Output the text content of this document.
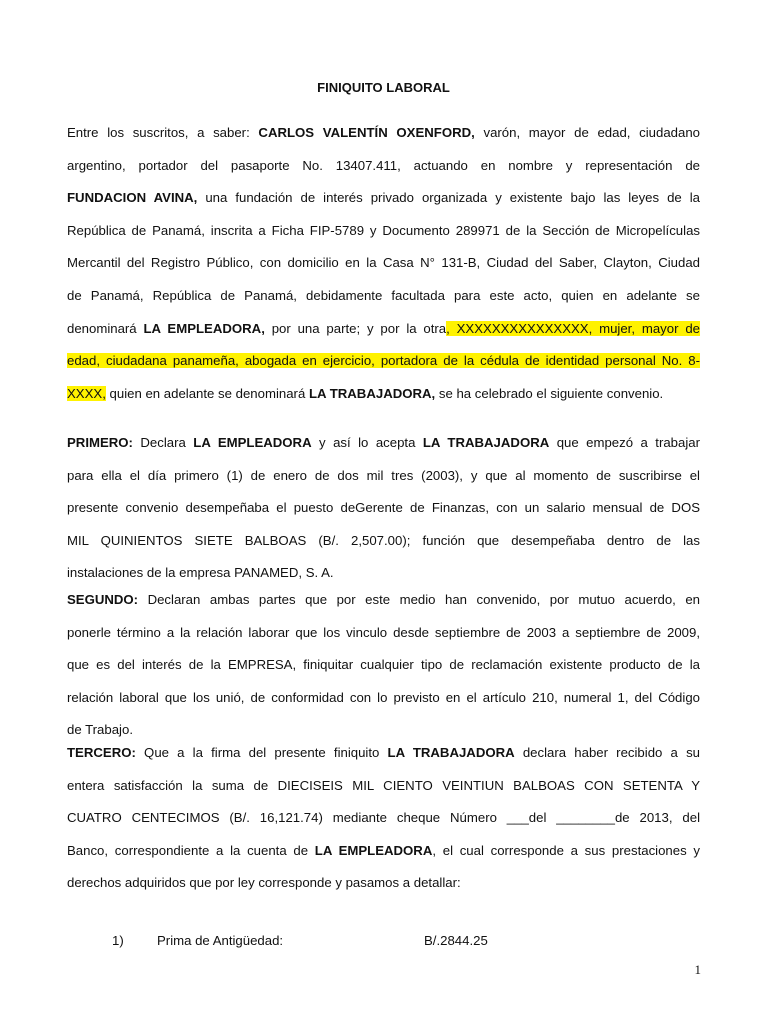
FINIQUITO LABORAL
Entre los suscritos, a saber: CARLOS VALENTÍN OXENFORD, varón, mayor de edad, ciudadano
argentino, portador del pasaporte No. 13407.411, actuando en nombre y representación de
FUNDACION AVINA, una fundación de interés privado organizada y existente bajo las leyes de la
República de Panamá, inscrita a Ficha FIP-5789 y Documento 289971 de la Sección de Micropelículas
Mercantil del Registro Público, con domicilio en la Casa N° 131-B, Ciudad del Saber, Clayton, Ciudad
de Panamá, República de Panamá, debidamente facultada para este acto, quien en adelante se
denominará LA EMPLEADORA, por una parte; y por la otra, XXXXXXXXXXXXXXX, mujer, mayor de
edad, ciudadana panameña, abogada en ejercicio, portadora de la cédula de identidad personal No. 8-
XXXX, quien en adelante se denominará LA TRABAJADORA, se ha celebrado el siguiente convenio.
PRIMERO: Declara LA EMPLEADORA y así lo acepta LA TRABAJADORA que empezó a trabajar
para ella el día primero (1) de enero de dos mil tres (2003), y que al momento de suscribirse el
presente convenio desempeñaba el puesto deGerente de Finanzas, con un salario mensual de DOS
MIL QUINIENTOS SIETE BALBOAS (B/. 2,507.00); función que desempeñaba dentro de las
instalaciones de la empresa PANAMED, S. A.
SEGUNDO: Declaran ambas partes que por este medio han convenido, por mutuo acuerdo, en
ponerle término a la relación laborar que los vinculo desde septiembre de 2003 a septiembre de 2009,
que es del interés de la EMPRESA, finiquitar cualquier tipo de reclamación existente producto de la
relación laboral que los unió, de conformidad con lo previsto en el artículo 210, numeral 1, del Código
de Trabajo.
TERCERO: Que a la firma del presente finiquito LA TRABAJADORA declara haber recibido a su
entera satisfacción la suma de DIECISEIS MIL CIENTO VEINTIUN BALBOAS CON SETENTA Y
CUATRO CENTECIMOS (B/. 16,121.74) mediante cheque Número ___del ________de 2013, del
Banco, correspondiente a la cuenta de LA EMPLEADORA, el cual corresponde a sus prestaciones y
derechos adquiridos que por ley corresponde y pasamos a detallar:
1)	Prima de Antigüedad:	B/.2844.25
1
